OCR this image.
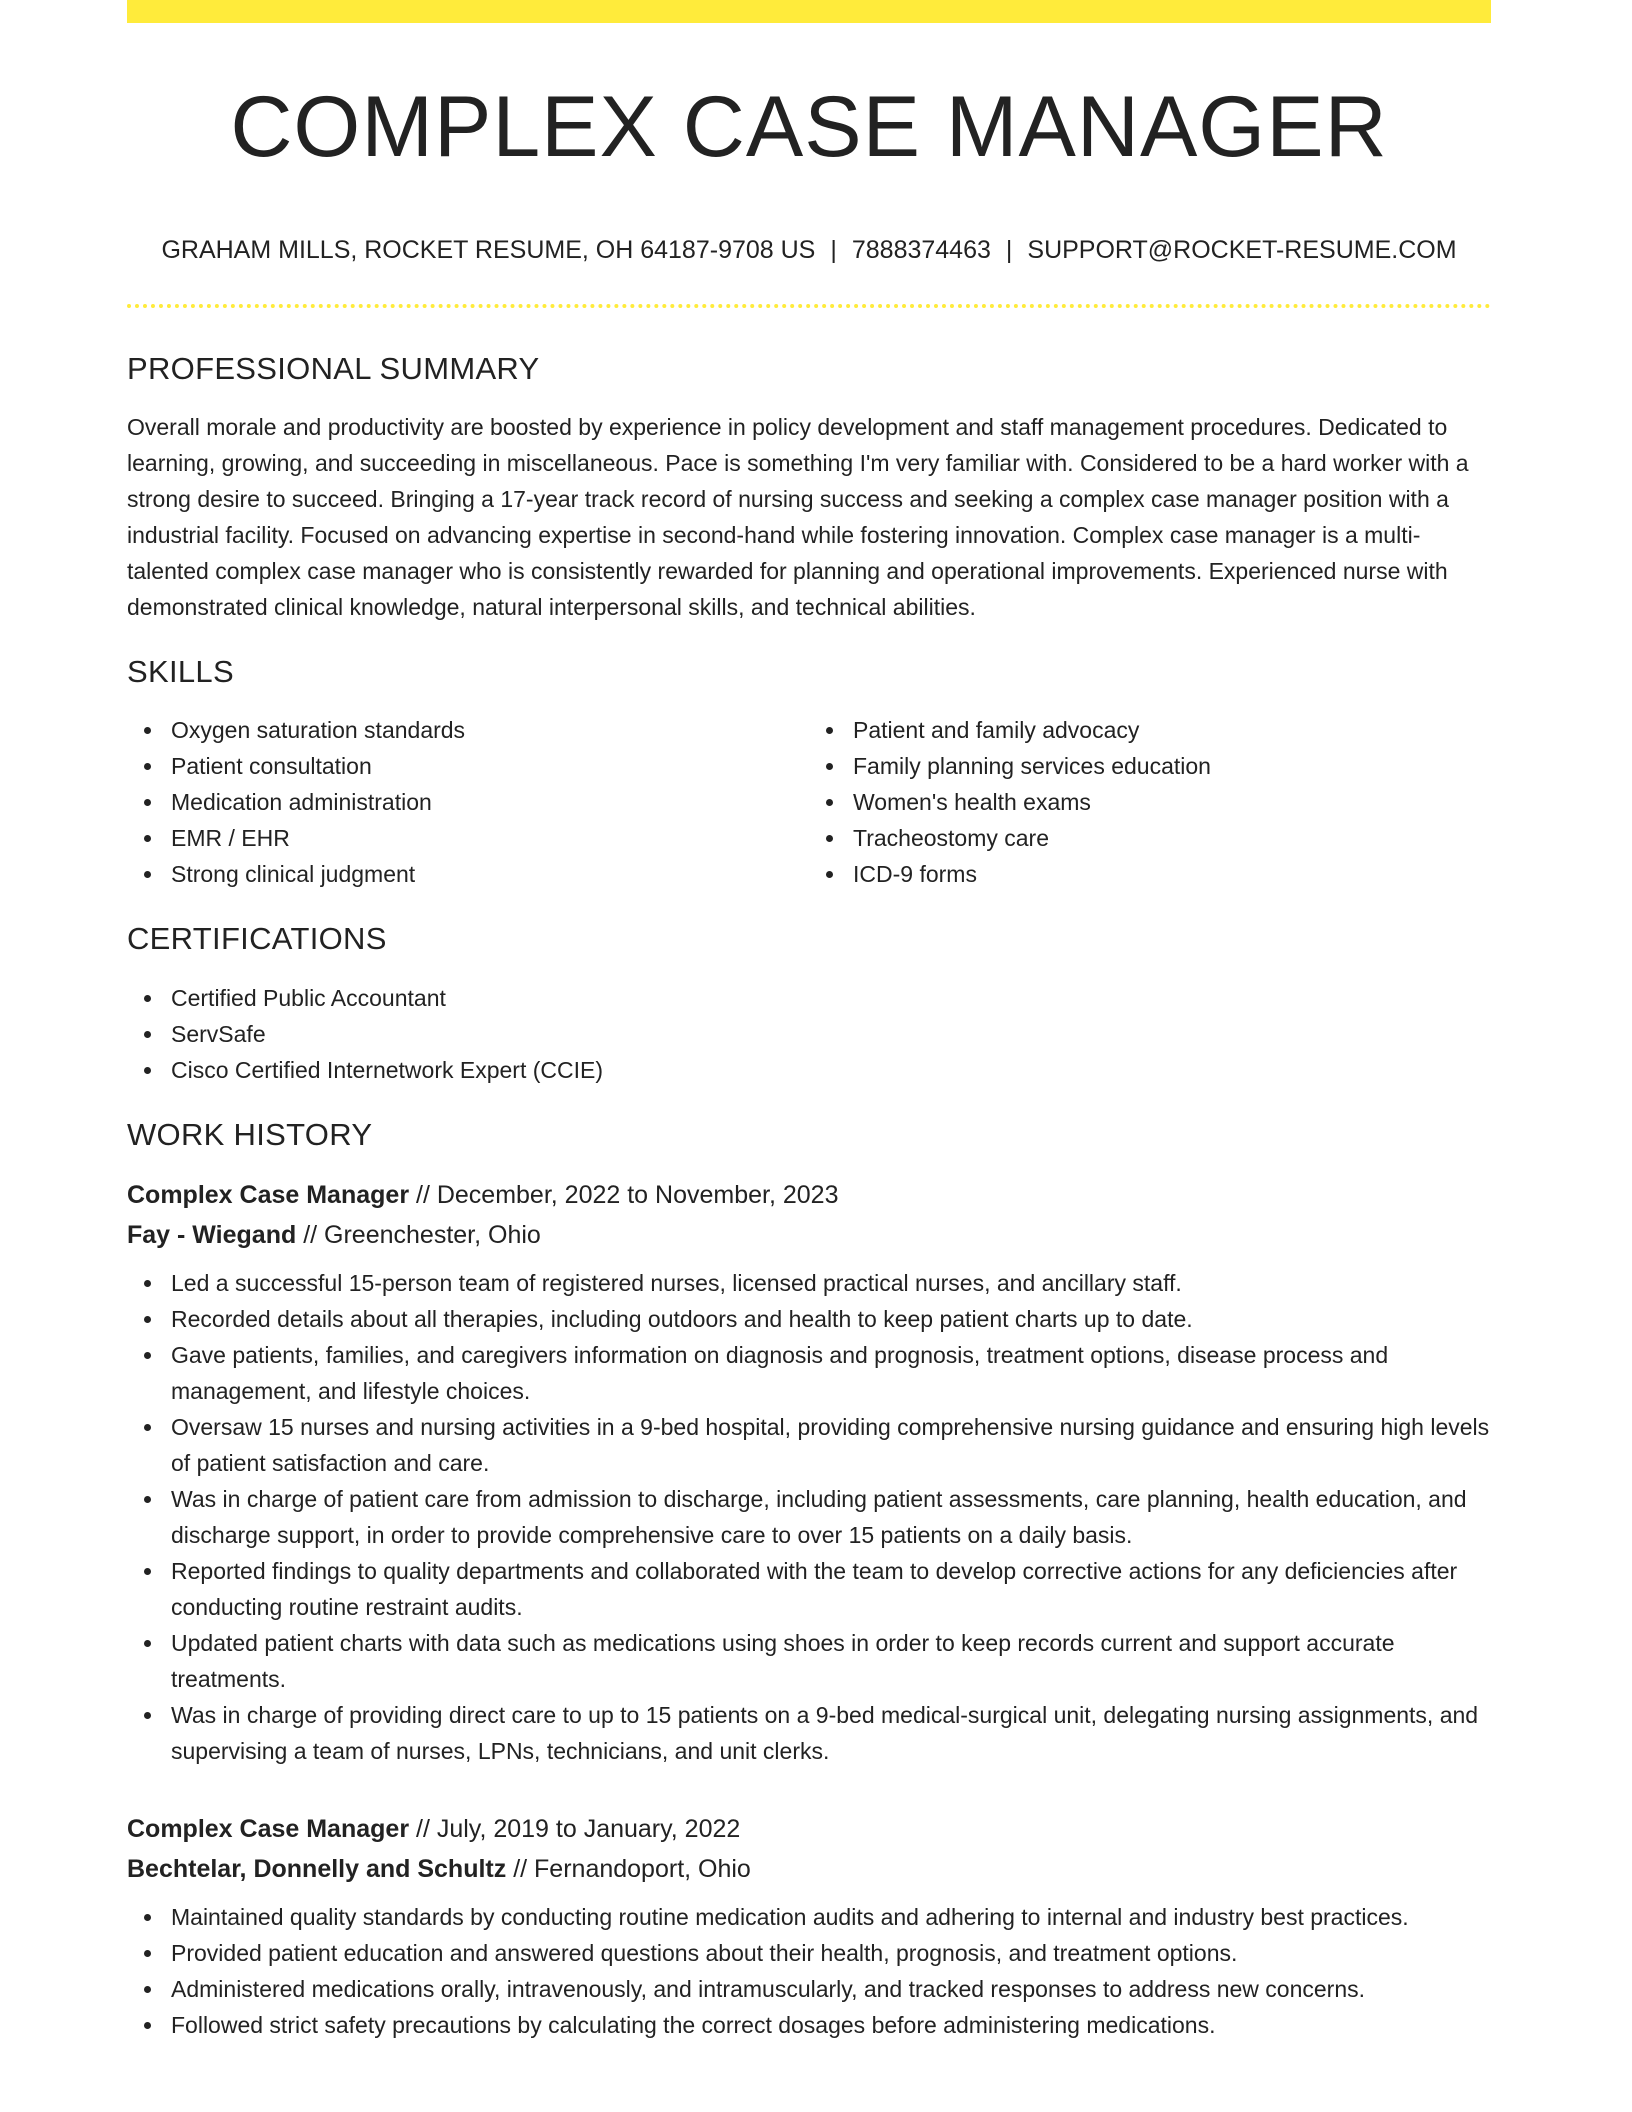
COMPLEX CASE MANAGER
GRAHAM MILLS, ROCKET RESUME, OH 64187-9708 US | 7888374463 | SUPPORT@ROCKET-RESUME.COM
PROFESSIONAL SUMMARY

Overall morale and productivity are boosted by experience in policy development and staff management procedures. Dedicated to learning, growing, and succeeding in miscellaneous. Pace is something I'm very familiar with. Considered to be a hard worker with a strong desire to succeed. Bringing a 17-year track record of nursing success and seeking a complex case manager position with a industrial facility. Focused on advancing expertise in second-hand while fostering innovation. Complex case manager is a multi-talented complex case manager who is consistently rewarded for planning and operational improvements. Experienced nurse with demonstrated clinical knowledge, natural interpersonal skills, and technical abilities.

SKILLS
Oxygen saturation standards
Patient consultation
Medication administration
EMR / EHR
Strong clinical judgment
Patient and family advocacy
Family planning services education
Women's health exams
Tracheostomy care
ICD-9 forms
CERTIFICATIONS
Certified Public Accountant
ServSafe
Cisco Certified Internetwork Expert (CCIE)
WORK HISTORY
Complex Case Manager // December, 2022 to November, 2023
Fay - Wiegand // Greenchester, Ohio
Led a successful 15-person team of registered nurses, licensed practical nurses, and ancillary staff.
Recorded details about all therapies, including outdoors and health to keep patient charts up to date.
Gave patients, families, and caregivers information on diagnosis and prognosis, treatment options, disease process and management, and lifestyle choices.
Oversaw 15 nurses and nursing activities in a 9-bed hospital, providing comprehensive nursing guidance and ensuring high levels of patient satisfaction and care.
Was in charge of patient care from admission to discharge, including patient assessments, care planning, health education, and discharge support, in order to provide comprehensive care to over 15 patients on a daily basis.
Reported findings to quality departments and collaborated with the team to develop corrective actions for any deficiencies after conducting routine restraint audits.
Updated patient charts with data such as medications using shoes in order to keep records current and support accurate treatments.
Was in charge of providing direct care to up to 15 patients on a 9-bed medical-surgical unit, delegating nursing assignments, and supervising a team of nurses, LPNs, technicians, and unit clerks.
Complex Case Manager // July, 2019 to January, 2022
Bechtelar, Donnelly and Schultz // Fernandoport, Ohio
Maintained quality standards by conducting routine medication audits and adhering to internal and industry best practices.
Provided patient education and answered questions about their health, prognosis, and treatment options.
Administered medications orally, intravenously, and intramuscularly, and tracked responses to address new concerns.
Followed strict safety precautions by calculating the correct dosages before administering medications.
